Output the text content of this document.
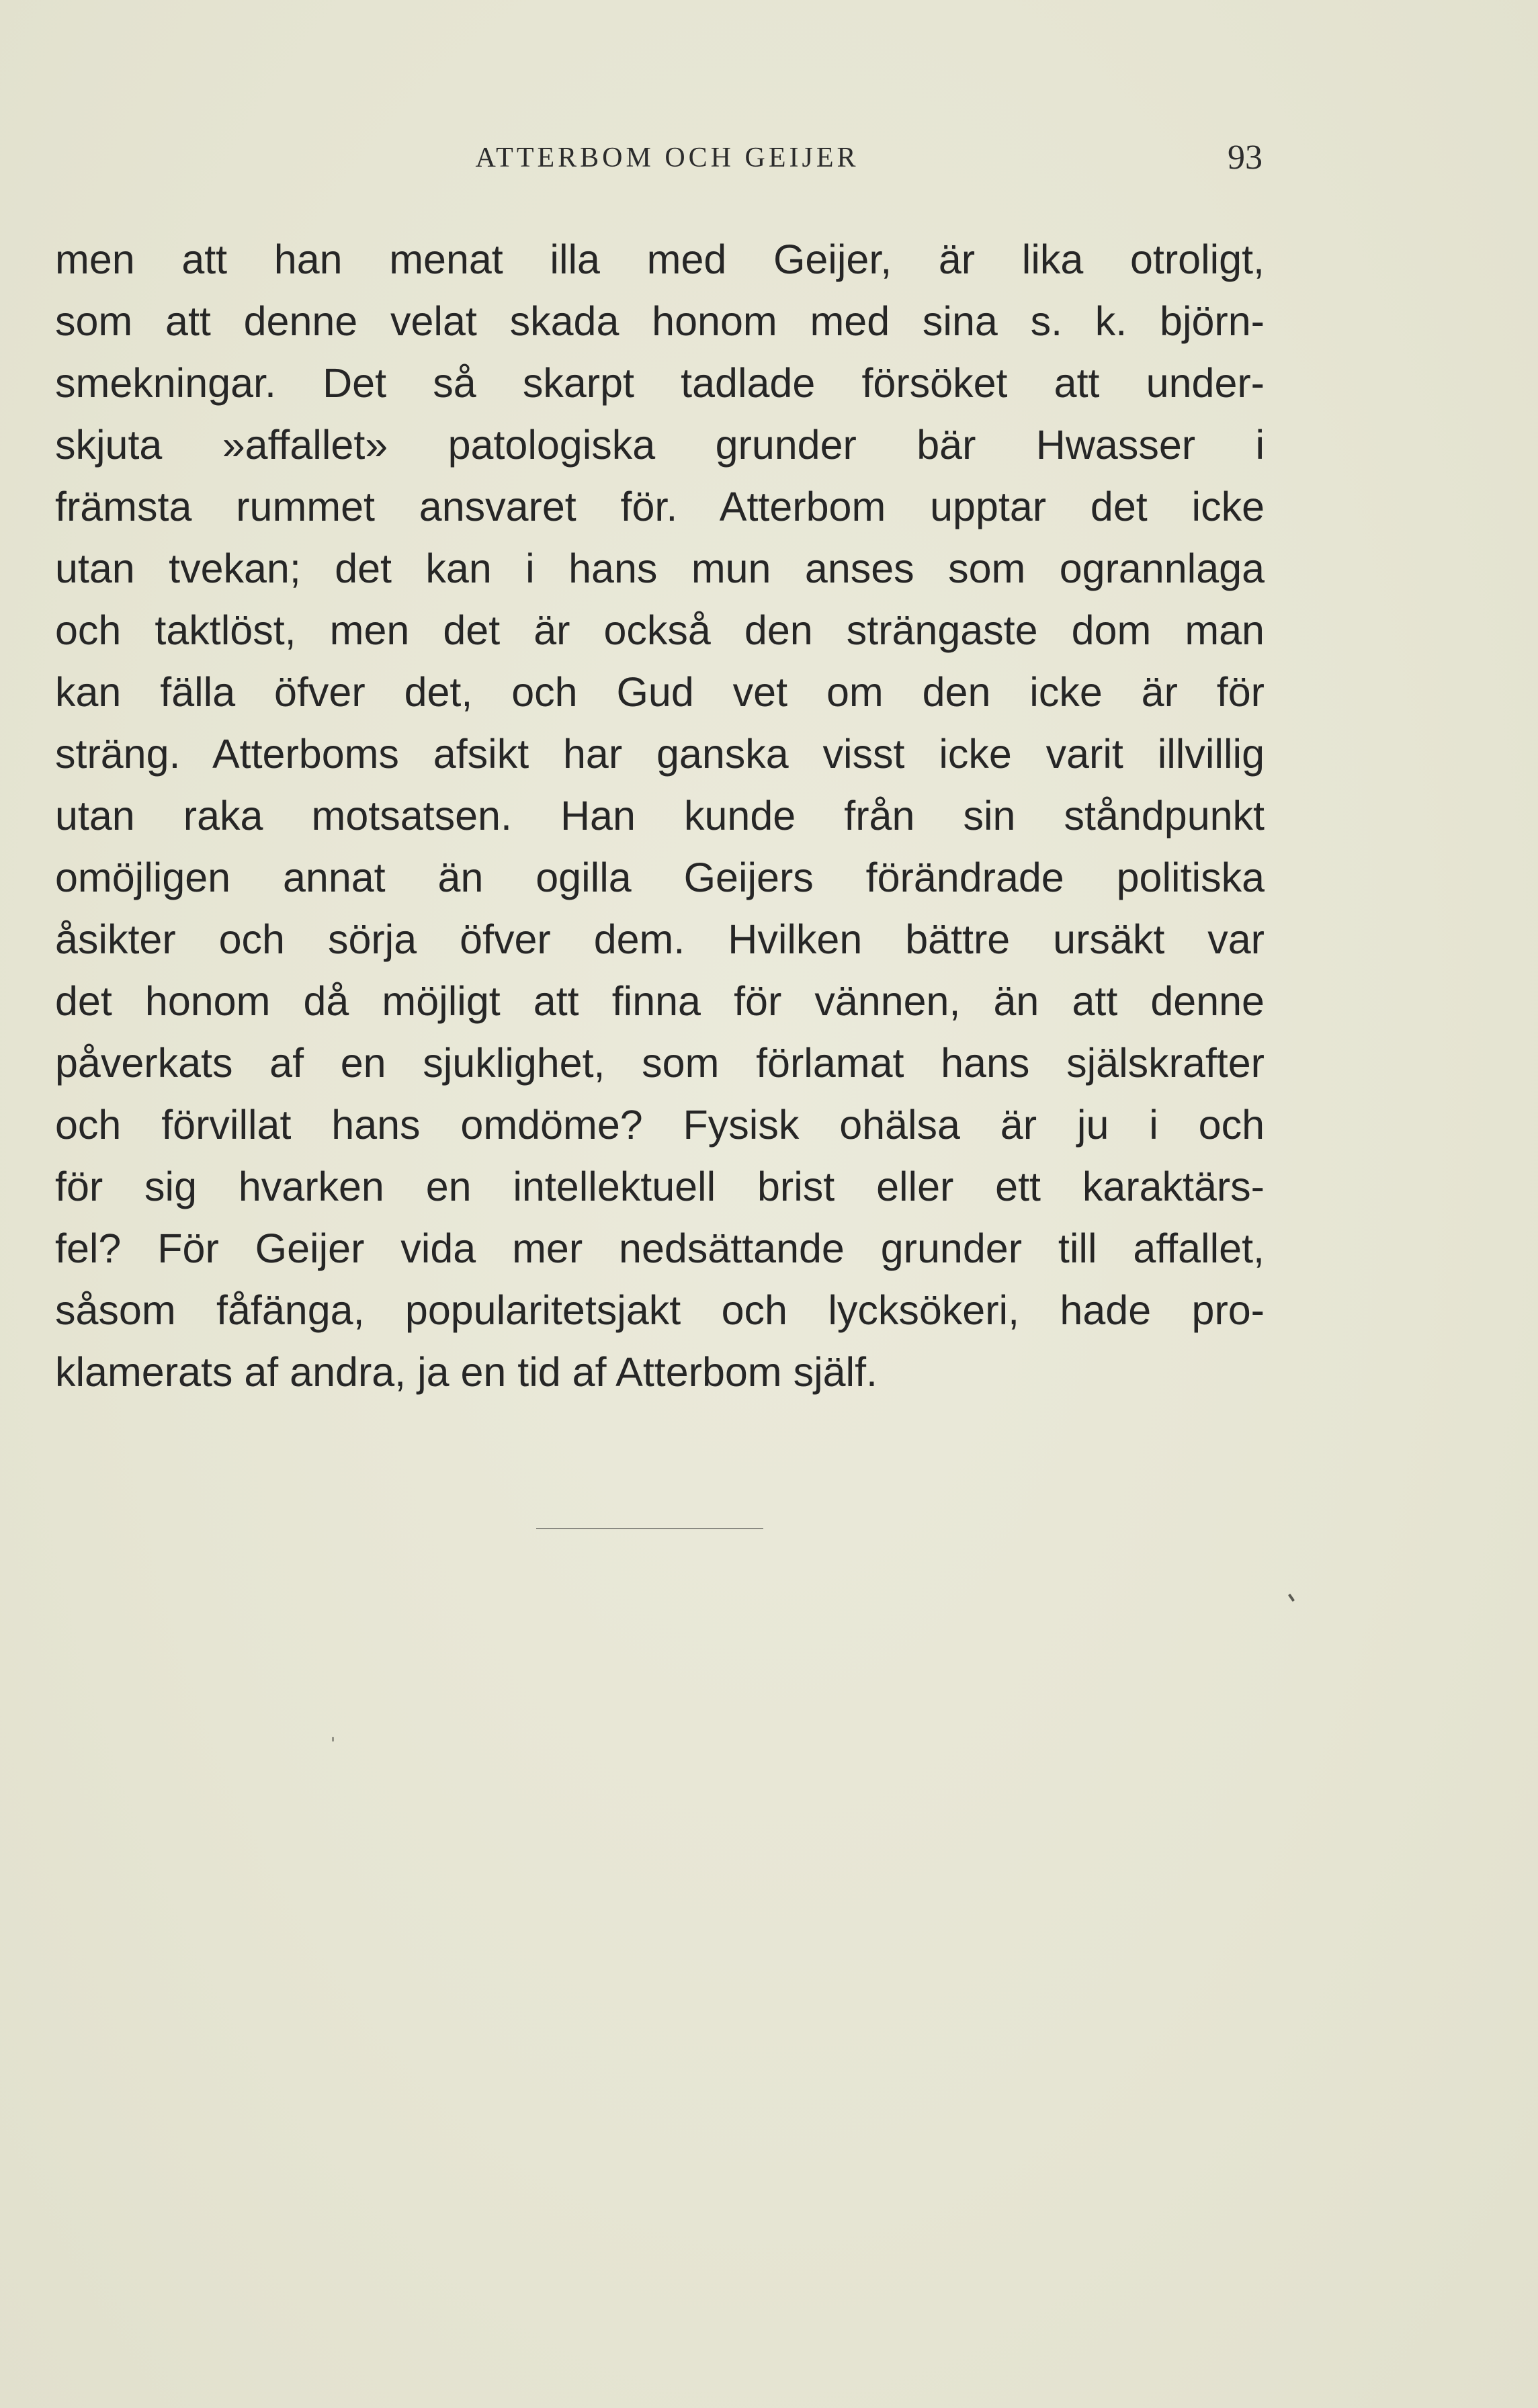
ATTERBOM OCH GEIJER	93
men att han menat illa med Geijer, är lika otroligt,
som att denne velat skada honom med sina s. k. björn-
smekningar. Det så skarpt tadlade försöket att under-
skjuta »affallet» patologiska grunder bär Hwasser i
främsta rummet ansvaret för. Atterbom upptar det icke
utan tvekan; det kan i hans mun anses som ogrannlaga
och taktlöst, men det är också den strängaste dom man
kan fälla öfver det, och Gud vet om den icke är för
sträng. Atterboms afsikt har ganska visst icke varit illvillig
utan raka motsatsen. Han kunde från sin ståndpunkt
omöjligen annat än ogilla Geijers förändrade politiska
åsikter och sörja öfver dem. Hvilken bättre ursäkt var
det honom då möjligt att finna för vännen, än att denne
påverkats af en sjuklighet, som förlamat hans själskrafter
och förvillat hans omdöme? Fysisk ohälsa är ju i och
för sig hvarken en intellektuell brist eller ett karaktärs-
fel? För Geijer vida mer nedsättande grunder till affallet,
såsom fåfänga, popularitetsjakt och lycksökeri, hade pro-
klamerats af andra, ja en tid af Atterbom själf.
